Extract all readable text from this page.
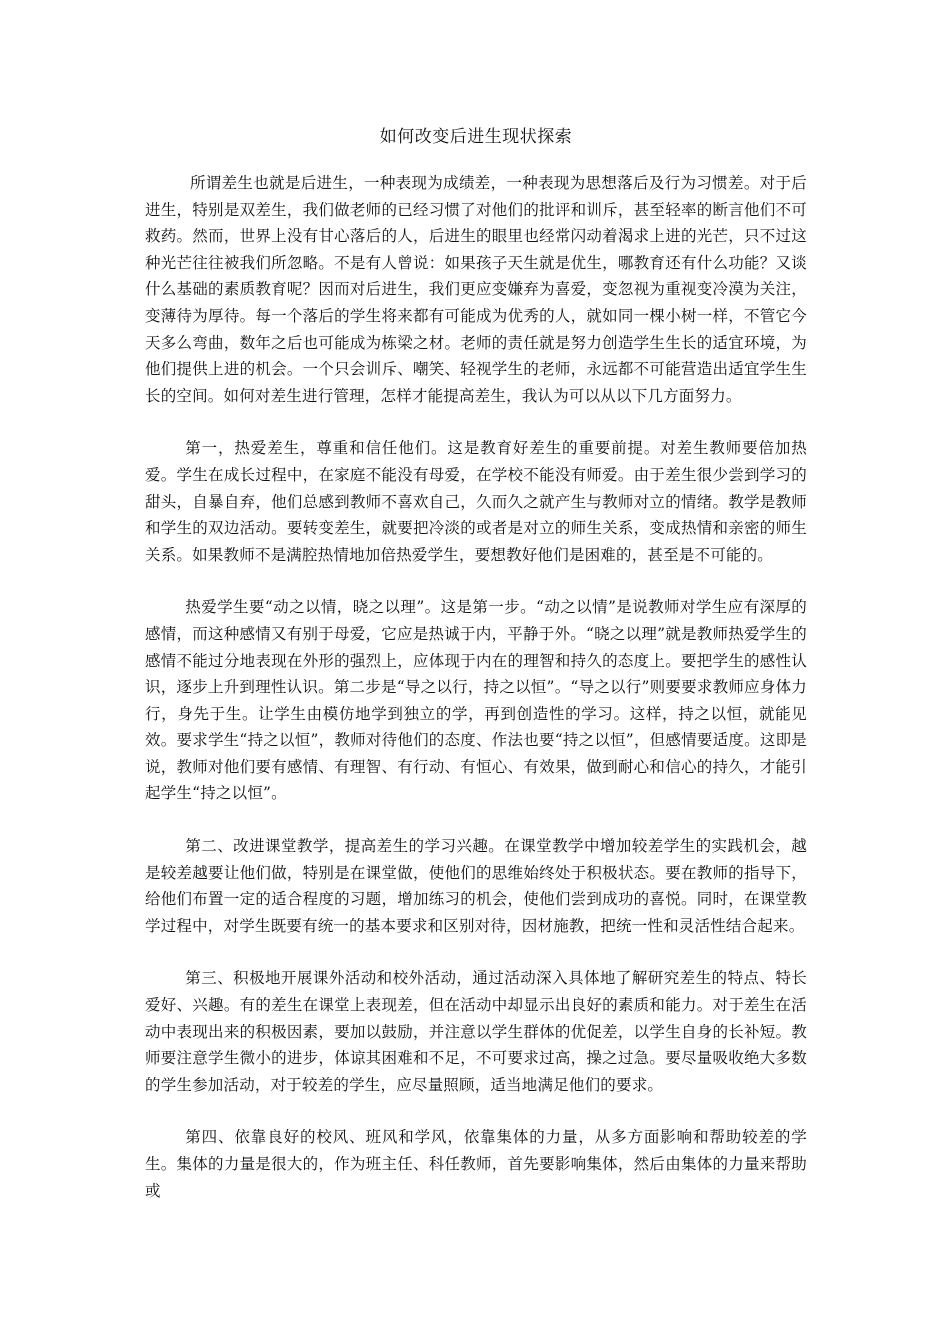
如何改变后进生现状探索

所谓差生也就是后进生，一种表现为成绩差，一种表现为思想落后及行为习惯差。对于后进生，特别是双差生，我们做老师的已经习惯了对他们的批评和训斥，甚至轻率的断言他们不可救药。然而，世界上没有甘心落后的人，后进生的眼里也经常闪动着渴求上进的光芒，只不过这种光芒往往被我们所忽略。不是有人曾说：如果孩子天生就是优生，哪教育还有什么功能？又谈什么基础的素质教育呢？因而对后进生，我们更应变嫌弃为喜爱，变忽视为重视变冷漠为关注，变薄待为厚待。每一个落后的学生将来都有可能成为优秀的人，就如同一棵小树一样，不管它今天多么弯曲，数年之后也可能成为栋梁之材。老师的责任就是努力创造学生生长的适宜环境，为他们提供上进的机会。一个只会训斥、嘲笑、轻视学生的老师，永远都不可能营造出适宜学生生长的空间。如何对差生进行管理，怎样才能提高差生，我认为可以从以下几方面努力。

第一，热爱差生，尊重和信任他们。这是教育好差生的重要前提。对差生教师要倍加热爱。学生在成长过程中，在家庭不能没有母爱，在学校不能没有师爱。由于差生很少尝到学习的甜头，自暴自弃，他们总感到教师不喜欢自己，久而久之就产生与教师对立的情绪。教学是教师和学生的双边活动。要转变差生，就要把冷淡的或者是对立的师生关系，变成热情和亲密的师生关系。如果教师不是满腔热情地加倍热爱学生，要想教好他们是困难的，甚至是不可能的。

热爱学生要“动之以情，晓之以理”。这是第一步。“动之以情”是说教师对学生应有深厚的感情，而这种感情又有别于母爱，它应是热诚于内，平静于外。“晓之以理”就是教师热爱学生的感情不能过分地表现在外形的强烈上，应体现于内在的理智和持久的态度上。要把学生的感性认识，逐步上升到理性认识。第二步是“导之以行，持之以恒”。“导之以行”则要要求教师应身体力行，身先于生。让学生由模仿地学到独立的学，再到创造性的学习。这样，持之以恒，就能见效。要求学生“持之以恒”，教师对待他们的态度、作法也要“持之以恒”，但感情要适度。这即是说，教师对他们要有感情、有理智、有行动、有恒心、有效果，做到耐心和信心的持久，才能引起学生“持之以恒”。

第二、改进课堂教学，提高差生的学习兴趣。在课堂教学中增加较差学生的实践机会，越是较差越要让他们做，特别是在课堂做，使他们的思维始终处于积极状态。要在教师的指导下，给他们布置一定的适合程度的习题，增加练习的机会，使他们尝到成功的喜悦。同时，在课堂教学过程中，对学生既要有统一的基本要求和区别对待，因材施教，把统一性和灵活性结合起来。

第三、积极地开展课外活动和校外活动，通过活动深入具体地了解研究差生的特点、特长爱好、兴趣。有的差生在课堂上表现差，但在活动中却显示出良好的素质和能力。对于差生在活动中表现出来的积极因素，要加以鼓励，并注意以学生群体的优促差，以学生自身的长补短。教师要注意学生微小的进步，体谅其困难和不足，不可要求过高，操之过急。要尽量吸收绝大多数的学生参加活动，对于较差的学生，应尽量照顾，适当地满足他们的要求。

第四、依靠良好的校风、班风和学风，依靠集体的力量，从多方面影响和帮助较差的学生。集体的力量是很大的，作为班主任、科任教师，首先要影响集体，然后由集体的力量来帮助或
